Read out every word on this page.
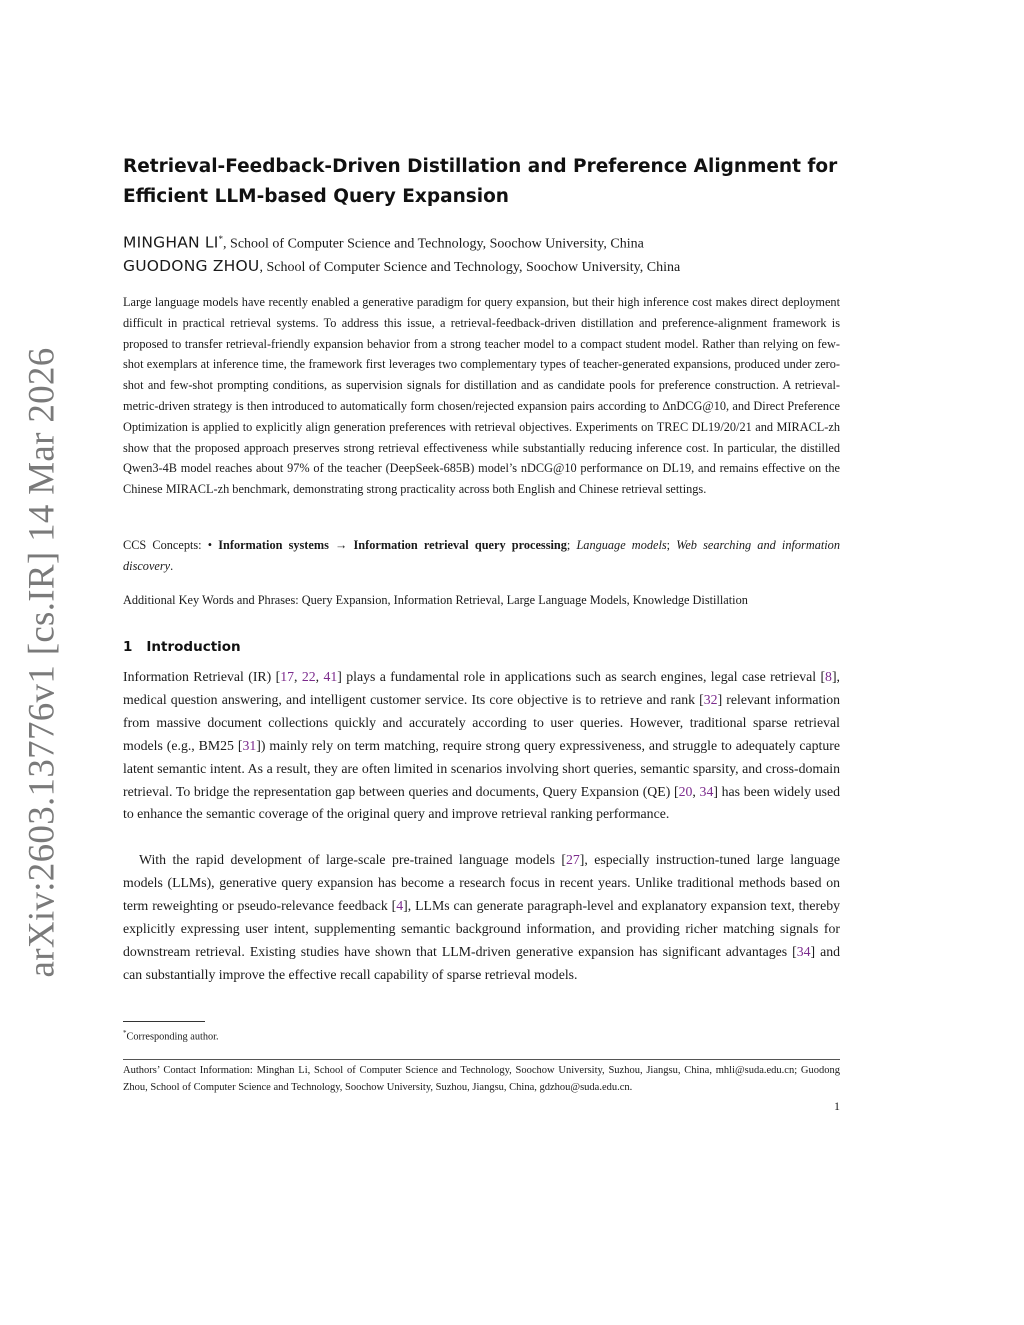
arXiv:2603.13776v1 [cs.IR] 14 Mar 2026
Retrieval-Feedback-Driven Distillation and Preference Alignment for Efficient LLM-based Query Expansion
MINGHAN LI*, School of Computer Science and Technology, Soochow University, China
GUODONG ZHOU, School of Computer Science and Technology, Soochow University, China

Large language models have recently enabled a generative paradigm for query expansion, but their high inference cost makes direct deployment difficult in practical retrieval systems. To address this issue, a retrieval-feedback-driven distillation and preference-alignment framework is proposed to transfer retrieval-friendly expansion behavior from a strong teacher model to a compact student model. Rather than relying on few-shot exemplars at inference time, the framework first leverages two complementary types of teacher-generated expansions, produced under zero-shot and few-shot prompting conditions, as supervision signals for distillation and as candidate pools for preference construction. A retrieval-metric-driven strategy is then introduced to automatically form chosen/rejected expansion pairs according to ΔnDCG@10, and Direct Preference Optimization is applied to explicitly align generation preferences with retrieval objectives. Experiments on TREC DL19/20/21 and MIRACL-zh show that the proposed approach preserves strong retrieval effectiveness while substantially reducing inference cost. In particular, the distilled Qwen3-4B model reaches about 97% of the teacher (DeepSeek-685B) model’s nDCG@10 performance on DL19, and remains effective on the Chinese MIRACL-zh benchmark, demonstrating strong practicality across both English and Chinese retrieval settings.

CCS Concepts: • Information systems → Information retrieval query processing; Language models; Web searching and information discovery.

Additional Key Words and Phrases: Query Expansion, Information Retrieval, Large Language Models, Knowledge Distillation

1 Introduction

Information Retrieval (IR) [17, 22, 41] plays a fundamental role in applications such as search engines, legal case retrieval [8], medical question answering, and intelligent customer service. Its core objective is to retrieve and rank [32] relevant information from massive document collections quickly and accurately according to user queries. However, traditional sparse retrieval models (e.g., BM25 [31]) mainly rely on term matching, require strong query expressiveness, and struggle to adequately capture latent semantic intent. As a result, they are often limited in scenarios involving short queries, semantic sparsity, and cross-domain retrieval. To bridge the representation gap between queries and documents, Query Expansion (QE) [20, 34] has been widely used to enhance the semantic coverage of the original query and improve retrieval ranking performance.

With the rapid development of large-scale pre-trained language models [27], especially instruction-tuned large language models (LLMs), generative query expansion has become a research focus in recent years. Unlike traditional methods based on term reweighting or pseudo-relevance feedback [4], LLMs can generate paragraph-level and explanatory expansion text, thereby explicitly expressing user intent, supplementing semantic background information, and providing richer matching signals for downstream retrieval. Existing studies have shown that LLM-driven generative expansion has significant advantages [34] and can substantially improve the effective recall capability of sparse retrieval models.

*Corresponding author.

Authors’ Contact Information: Minghan Li, School of Computer Science and Technology, Soochow University, Suzhou, Jiangsu, China, mhli@suda.edu.cn; Guodong Zhou, School of Computer Science and Technology, Soochow University, Suzhou, Jiangsu, China, gdzhou@suda.edu.cn.

1
